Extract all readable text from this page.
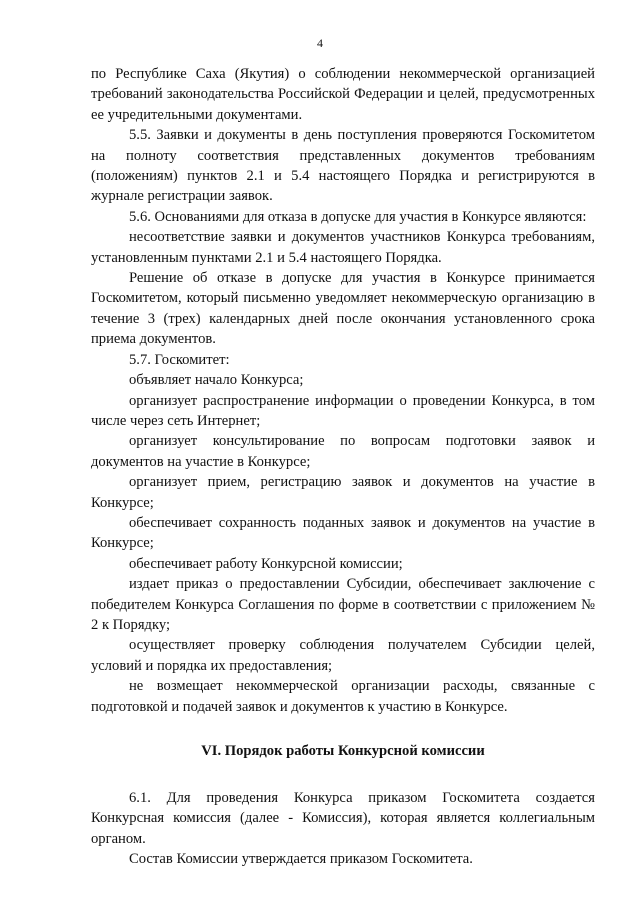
4

по Республике Саха (Якутия) о соблюдении некоммерческой организацией требований законодательства Российской Федерации и целей, предусмотренных ее учредительными документами.

5.5. Заявки и документы в день поступления проверяются Госкомитетом на полноту соответствия представленных документов требованиям (положениям) пунктов 2.1 и 5.4 настоящего Порядка и регистрируются в журнале регистрации заявок.

5.6. Основаниями для отказа в допуске для участия в Конкурсе являются:

несоответствие заявки и документов участников Конкурса требованиям, установленным пунктами 2.1 и 5.4 настоящего Порядка.

Решение об отказе в допуске для участия в Конкурсе принимается Госкомитетом, который письменно уведомляет некоммерческую организацию в течение 3 (трех) календарных дней после окончания установленного срока приема документов.

5.7. Госкомитет:

объявляет начало Конкурса;

организует распространение информации о проведении Конкурса, в том числе через сеть Интернет;

организует консультирование по вопросам подготовки заявок и документов на участие в Конкурсе;

организует прием, регистрацию заявок и документов на участие в Конкурсе;

обеспечивает сохранность поданных заявок и документов на участие в Конкурсе;

обеспечивает работу Конкурсной комиссии;

издает приказ о предоставлении Субсидии, обеспечивает заключение с победителем Конкурса Соглашения по форме в соответствии с приложением № 2 к Порядку;

осуществляет проверку соблюдения получателем Субсидии целей, условий и порядка их предоставления;

не возмещает некоммерческой организации расходы, связанные с подготовкой и подачей заявок и документов к участию в Конкурсе.

VI. Порядок работы Конкурсной комиссии

6.1. Для проведения Конкурса приказом Госкомитета создается Конкурсная комиссия (далее - Комиссия), которая является коллегиальным органом.

Состав Комиссии утверждается приказом Госкомитета.
